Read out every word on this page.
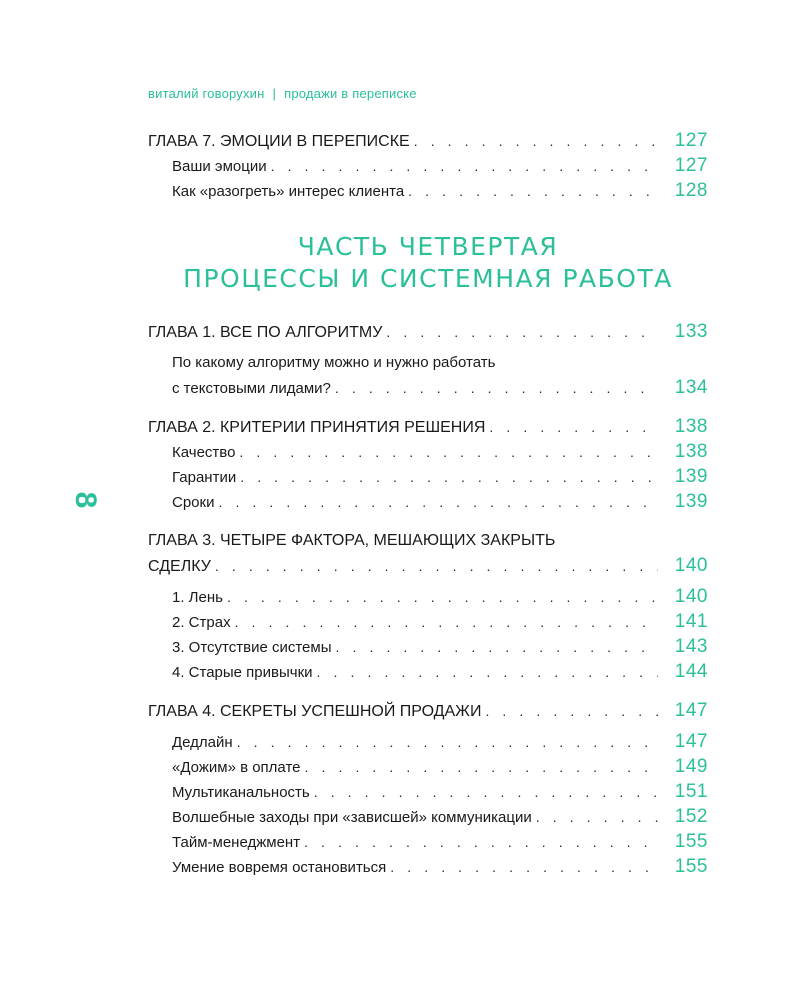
виталий говорухин | продажи в переписке
8
ГЛАВА 7. ЭМОЦИИ В ПЕРЕПИСКЕ . . .	127
Ваши эмоции . . .	127
Как «разогреть» интерес клиента . . .	128
ЧАСТЬ ЧЕТВЕРТАЯ
ПРОЦЕССЫ И СИСТЕМНАЯ РАБОТА
ГЛАВА 1. ВСЕ ПО АЛГОРИТМУ . . .	133
По какому алгоритму можно и нужно работать
с текстовыми лидами? . . .	134
ГЛАВА 2. КРИТЕРИИ ПРИНЯТИЯ РЕШЕНИЯ . . .	138
Качество . . .	138
Гарантии . . .	139
Сроки . . .	139
ГЛАВА 3. ЧЕТЫРЕ ФАКТОРА, МЕШАЮЩИХ ЗАКРЫТЬ
СДЕЛКУ . . .	140
1. Лень . . .	140
2. Страх . . .	141
3. Отсутствие системы . . .	143
4. Старые привычки . . .	144
ГЛАВА 4. СЕКРЕТЫ УСПЕШНОЙ ПРОДАЖИ . . .	147
Дедлайн . . .	147
«Дожим» в оплате . . .	149
Мультиканальность . . .	151
Волшебные заходы при «зависшей» коммуникации . . .	152
Тайм-менеджмент . . .	155
Умение вовремя остановиться . . .	155
